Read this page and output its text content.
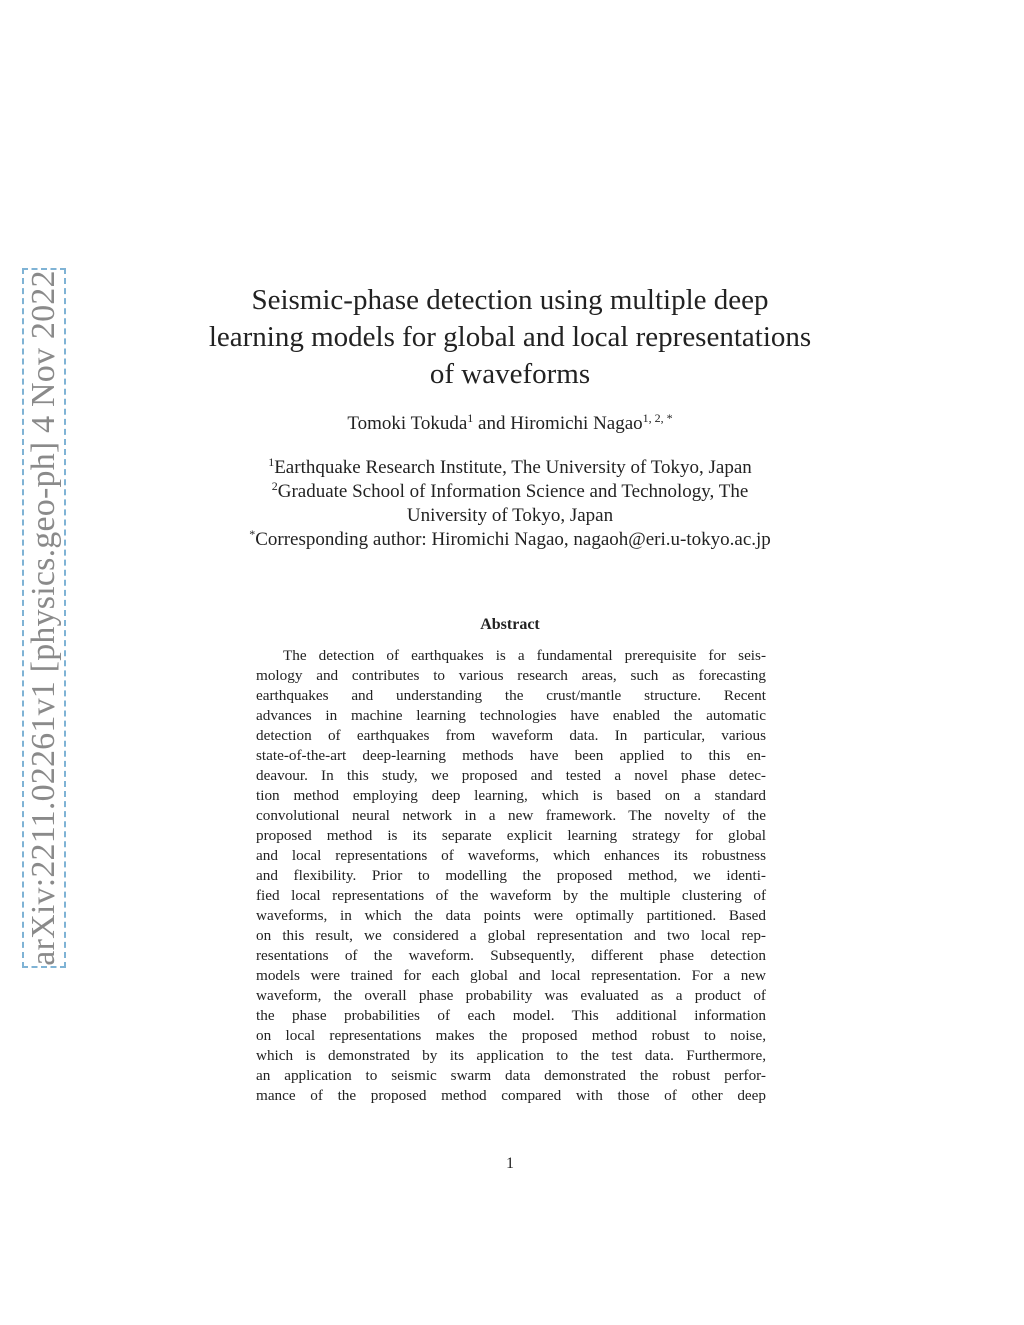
arXiv:2211.02261v1 [physics.geo-ph] 4 Nov 2022	Seismic-phase detection using multiple deep
learning models for global and local representations
of waveforms
Tomoki Tokuda$^1$ and Hiromichi Nagao$^{1, 2, *}$
$^1$Earthquake Research Institute, The University of Tokyo, Japan
$^2$Graduate School of Information Science and Technology, The
University of Tokyo, Japan
*Corresponding author: Hiromichi Nagao, nagaoh@eri.u-tokyo.ac.jp
Abstract
The detection of earthquakes is a fundamental prerequisite for seis-
mology and contributes to various research areas, such as forecasting
earthquakes and understanding the crust/mantle structure. Recent
advances in machine learning technologies have enabled the automatic
detection of earthquakes from waveform data. In particular, various
state-of-the-art deep-learning methods have been applied to this en-
deavour. In this study, we proposed and tested a novel phase detec-
tion method employing deep learning, which is based on a standard
convolutional neural network in a new framework. The novelty of the
proposed method is its separate explicit learning strategy for global
and local representations of waveforms, which enhances its robustness
and flexibility. Prior to modelling the proposed method, we identi-
fied local representations of the waveform by the multiple clustering of
waveforms, in which the data points were optimally partitioned. Based
on this result, we considered a global representation and two local rep-
resentations of the waveform. Subsequently, different phase detection
models were trained for each global and local representation. For a new
waveform, the overall phase probability was evaluated as a product of
the phase probabilities of each model. This additional information
on local representations makes the proposed method robust to noise,
which is demonstrated by its application to the test data. Furthermore,
an application to seismic swarm data demonstrated the robust perfor-
mance of the proposed method compared with those of other deep
1
